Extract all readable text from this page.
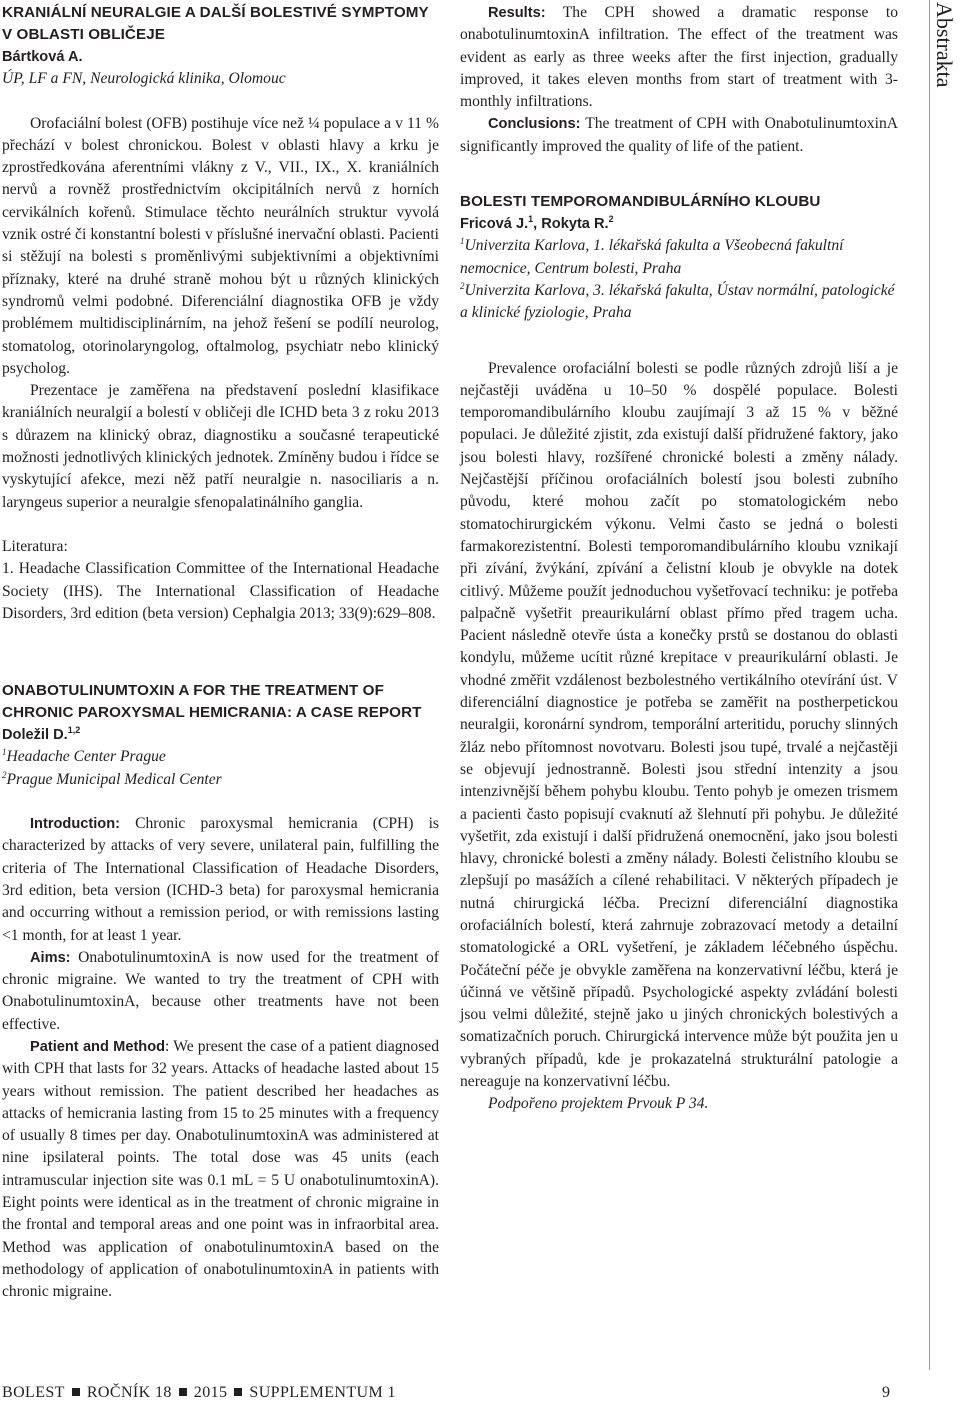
Abstrakta

KRANIÁLNÍ NEURALGIE A DALŠÍ BOLESTIVÉ SYMPTOMY V OBLASTI OBLIČEJE

Bártková A.

ÚP, LF a FN, Neurologická klinika, Olomouc

Orofaciální bolest (OFB) postihuje více než ¼ populace a v 11 % přechází v bolest chronickou. Bolest v oblasti hlavy a krku je zprostředkována aferentními vlákny z V., VII., IX., X. kraniálních nervů a rovněž prostřednictvím okcipitálních nervů z horních cervikálních kořenů. Stimulace těchto neurálních struktur vyvolá vznik ostré či konstantní bolesti v příslušné inervační oblasti. Pacienti si stěžují na bolesti s proměnlivými subjektivními a objektivními příznaky, které na druhé straně mohou být u různých klinických syndromů velmi podobné. Diferenciální diagnostika OFB je vždy problémem multidisciplinárním, na jehož řešení se podílí neurolog, stomatolog, otorinolaryngolog, oftalmolog, psychiatr nebo klinický psycholog.

Prezentace je zaměřena na představení poslední klasifikace kraniálních neuralgií a bolestí v obličeji dle ICHD beta 3 z roku 2013 s důrazem na klinický obraz, diagnostiku a současné terapeutické možnosti jednotlivých klinických jednotek. Zmíněny budou i řídce se vyskytující afekce, mezi něž patří neuralgie n. nasociliaris a n. laryngeus superior a neuralgie sfenopalatinálního ganglia.

Literatura:

1. Headache Classification Committee of the International Headache Society (IHS). The International Classification of Headache Disorders, 3rd edition (beta version) Cephalgia 2013; 33(9):629–808.

ONABOTULINUMTOXIN A FOR THE TREATMENT OF CHRONIC PAROXYSMAL HEMICRANIA: A CASE REPORT

Doležil D.$^{1,2}$

$^1$Headache Center Prague

$^2$Prague Municipal Medical Center

Introduction: Chronic paroxysmal hemicrania (CPH) is characterized by attacks of very severe, unilateral pain, fulfilling the criteria of The International Classification of Headache Disorders, 3rd edition, beta version (ICHD-3 beta) for paroxysmal hemicrania and occurring without a remission period, or with remissions lasting <1 month, for at least 1 year.

Aims: OnabotulinumtoxinA is now used for the treatment of chronic migraine. We wanted to try the treatment of CPH with OnabotulinumtoxinA, because other treatments have not been effective.

Patient and Method: We present the case of a patient diagnosed with CPH that lasts for 32 years. Attacks of headache lasted about 15 years without remission. The patient described her headaches as attacks of hemicrania lasting from 15 to 25 minutes with a frequency of usually 8 times per day. OnabotulinumtoxinA was administered at nine ipsilateral points. The total dose was 45 units (each intramuscular injection site was 0.1 mL = 5 U onabotulinumtoxinA). Eight points were identical as in the treatment of chronic migraine in the frontal and temporal areas and one point was in infraorbital area. Method was application of onabotulinumtoxinA based on the methodology of application of onabotulinumtoxinA in patients with chronic migraine.

Results: The CPH showed a dramatic response to onabotulinumtoxinA infiltration. The effect of the treatment was evident as early as three weeks after the first injection, gradually improved, it takes eleven months from start of treatment with 3-monthly infiltrations.

Conclusions: The treatment of CPH with OnabotulinumtoxinA significantly improved the quality of life of the patient.

BOLESTI TEMPOROMANDIBULÁRNÍHO KLOUBU

Fricová J.$^1$, Rokyta R.$^2$

$^1$Univerzita Karlova, 1. lékařská fakulta a Všeobecná fakultní nemocnice, Centrum bolesti, Praha

$^2$Univerzita Karlova, 3. lékařská fakulta, Ústav normální, patologické a klinické fyziologie, Praha

Prevalence orofaciální bolesti se podle různých zdrojů liší a je nejčastěji uváděna u 10–50 % dospělé populace. Bolesti temporomandibulárního kloubu zaujímají 3 až 15 % v běžné populaci. Je důležité zjistit, zda existují další přidružené faktory, jako jsou bolesti hlavy, rozšířené chronické bolesti a změny nálady. Nejčastější příčinou orofaciálních bolestí jsou bolesti zubního původu, které mohou začít po stomatologickém nebo stomatochirurgickém výkonu. Velmi často se jedná o bolesti farmakorezistentní. Bolesti temporomandibulárního kloubu vznikají při zívání, žvýkání, zpívání a čelistní kloub je obvykle na dotek citlivý. Můžeme použít jednoduchou vyšetřovací techniku: je potřeba palpačně vyšetřit preaurikulární oblast přímo před tragem ucha. Pacient následně otevře ústa a konečky prstů se dostanou do oblasti kondylu, můžeme ucítit různé krepitace v preaurikulární oblasti. Je vhodné změřit vzdálenost bezbolestného vertikálního otevírání úst. V diferenciální diagnostice je potřeba se zaměřit na postherpetickou neuralgii, koronární syndrom, temporální arteritidu, poruchy slinných žláz nebo přítomnost novotvaru. Bolesti jsou tupé, trvalé a nejčastěji se objevují jednostranně. Bolesti jsou střední intenzity a jsou intenzivnější během pohybu kloubu. Tento pohyb je omezen trismem a pacienti často popisují cvaknutí až šlehnutí při pohybu. Je důležité vyšetřit, zda existují i další přidružená onemocnění, jako jsou bolesti hlavy, chronické bolesti a změny nálady. Bolesti čelistního kloubu se zlepšují po masážích a cílené rehabilitaci. V některých případech je nutná chirurgická léčba. Precizní diferenciální diagnostika orofaciálních bolestí, která zahrnuje zobrazovací metody a detailní stomatologické a ORL vyšetření, je základem léčebného úspěchu. Počáteční péče je obvykle zaměřena na konzervativní léčbu, která je účinná ve většině případů. Psychologické aspekty zvládání bolesti jsou velmi důležité, stejně jako u jiných chronických bolestivých a somatizačních poruch. Chirurgická intervence může být použita jen u vybraných případů, kde je prokazatelná strukturální patologie a nereaguje na konzervativní léčbu.

Podpořeno projektem Prvouk P 34.

BOLEST ROČNÍK 18 2015 SUPPLEMENTUM 1	9
